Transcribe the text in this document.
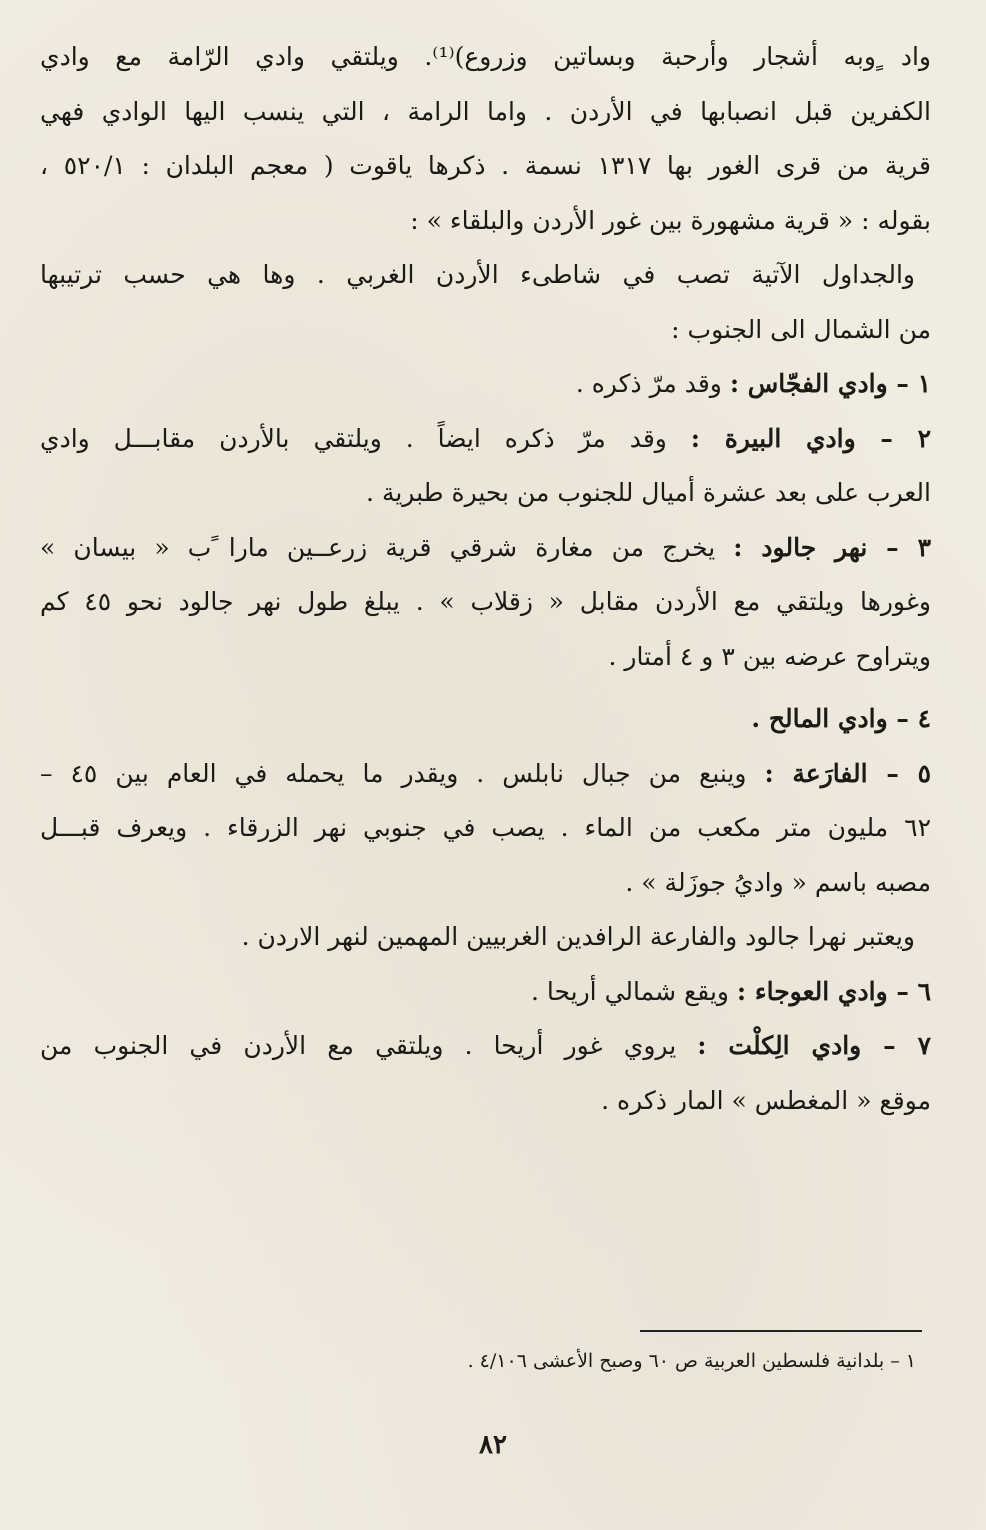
واد ٍوبه أشجار وأرحبة وبساتين وزروع)⁽¹⁾. ويلتقي وادي الرّامة مع وادي
الكفرين قبل انصبابها في الأردن . واما الرامة ، التي ينسب اليها الوادي فهي
قرية من قرى الغور بها ١٣١٧ نسمة . ذكرها ياقوت ( معجم البلدان : ٥٢٠/١ ،
بقوله : « قرية مشهورة بين غور الأردن والبلقاء » :
والجداول الآتية تصب في شاطىء الأردن الغربي . وها هي حسب ترتيبها
من الشمال الى الجنوب :
١ – وادي الفجّاس : وقد مرّ ذكره .
٢ – وادي البيرة : وقد مرّ ذكره ايضاً . ويلتقي بالأردن مقابـــل وادي
العرب على بعد عشرة أميال للجنوب من بحيرة طبرية .
٣ – نهر جالود : يخرج من مغارة شرقي قرية زرعــين مارا ًب « بيسان »
وغورها ويلتقي مع الأردن مقابل « زقلاب » . يبلغ طول نهر جالود نحو ٤٥ كم
ويتراوح عرضه بين ٣ و ٤ أمتار .
٤ – وادي المالح .
٥ – الفارَعة : وينبع من جبال نابلس . ويقدر ما يحمله في العام بين ٤٥ –
٦٢ مليون متر مكعب من الماء . يصب في جنوبي نهر الزرقاء . ويعرف قبـــل
مصبه باسم « واديُ جوزَلة » .
ويعتبر نهرا جالود والفارعة الرافدين الغربيين المهمين لنهر الاردن .
٦ – وادي العوجاء : ويقع شمالي أريحا .
٧ – وادي الِكلْت : يروي غور أريحا . ويلتقي مع الأردن في الجنوب من
موقع « المغطس » المار ذكره .
١ – بلدانية فلسطين العربية ص ٦٠ وصبح الأعشى ٤/١٠٦ .
٨٢
